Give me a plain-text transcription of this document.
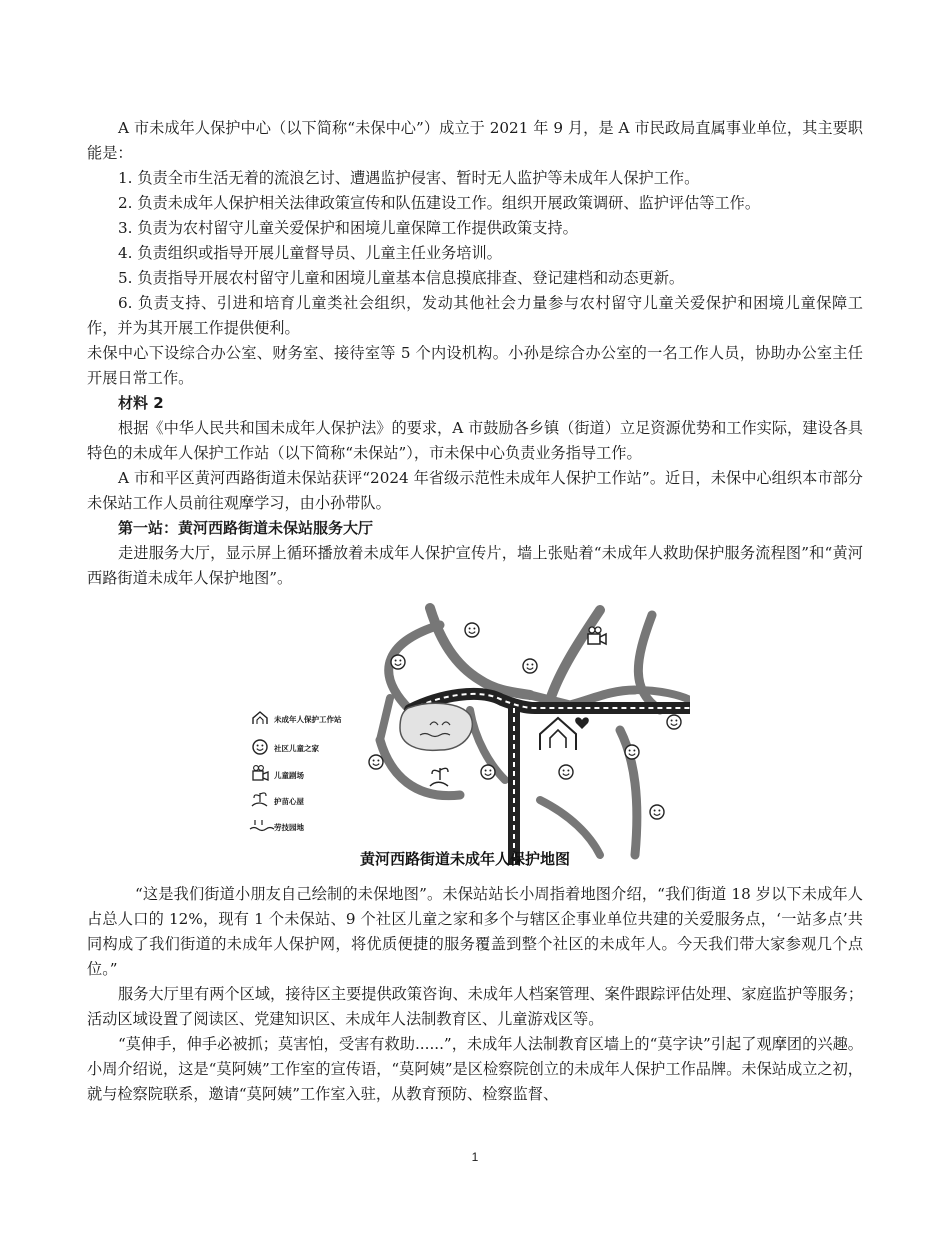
A 市未成年人保护中心（以下简称“未保中心”）成立于 2021 年 9 月，是 A 市民政局直属事业单位，其主要职能是：

1. 负责全市生活无着的流浪乞讨、遭遇监护侵害、暂时无人监护等未成年人保护工作。

2. 负责未成年人保护相关法律政策宣传和队伍建设工作。组织开展政策调研、监护评估等工作。

3. 负责为农村留守儿童关爱保护和困境儿童保障工作提供政策支持。

4. 负责组织或指导开展儿童督导员、儿童主任业务培训。

5. 负责指导开展农村留守儿童和困境儿童基本信息摸底排查、登记建档和动态更新。

6. 负责支持、引进和培育儿童类社会组织，发动其他社会力量参与农村留守儿童关爱保护和困境儿童保障工作，并为其开展工作提供便利。

未保中心下设综合办公室、财务室、接待室等 5 个内设机构。小孙是综合办公室的一名工作人员，协助办公室主任开展日常工作。

材料 2

根据《中华人民共和国未成年人保护法》的要求，A 市鼓励各乡镇（街道）立足资源优势和工作实际，建设各具特色的未成年人保护工作站（以下简称“未保站”），市未保中心负责业务指导工作。

A 市和平区黄河西路街道未保站获评“2024 年省级示范性未成年人保护工作站”。近日，未保中心组织本市部分未保站工作人员前往观摩学习，由小孙带队。

第一站：黄河西路街道未保站服务大厅

走进服务大厅，显示屏上循环播放着未成年人保护宣传片，墙上张贴着“未成年人救助保护服务流程图”和“黄河西路街道未成年人保护地图”。

未成年人保护工作站
社区儿童之家
儿童剧场
护苗心屋
劳技园地
黄河西路街道未成年人保护地图

“这是我们街道小朋友自己绘制的未保地图”。未保站站长小周指着地图介绍，“我们街道 18 岁以下未成年人占总人口的 12%，现有 1 个未保站、9 个社区儿童之家和多个与辖区企事业单位共建的关爱服务点，‘一站多点’共同构成了我们街道的未成年人保护网，将优质便捷的服务覆盖到整个社区的未成年人。今天我们带大家参观几个点位。”

服务大厅里有两个区域，接待区主要提供政策咨询、未成年人档案管理、案件跟踪评估处理、家庭监护等服务；活动区域设置了阅读区、党建知识区、未成年人法制教育区、儿童游戏区等。

“莫伸手，伸手必被抓；莫害怕，受害有救助......”，未成年人法制教育区墙上的“莫字诀”引起了观摩团的兴趣。小周介绍说，这是“莫阿姨”工作室的宣传语，“莫阿姨”是区检察院创立的未成年人保护工作品牌。未保站成立之初，就与检察院联系，邀请“莫阿姨”工作室入驻，从教育预防、检察监督、

1
